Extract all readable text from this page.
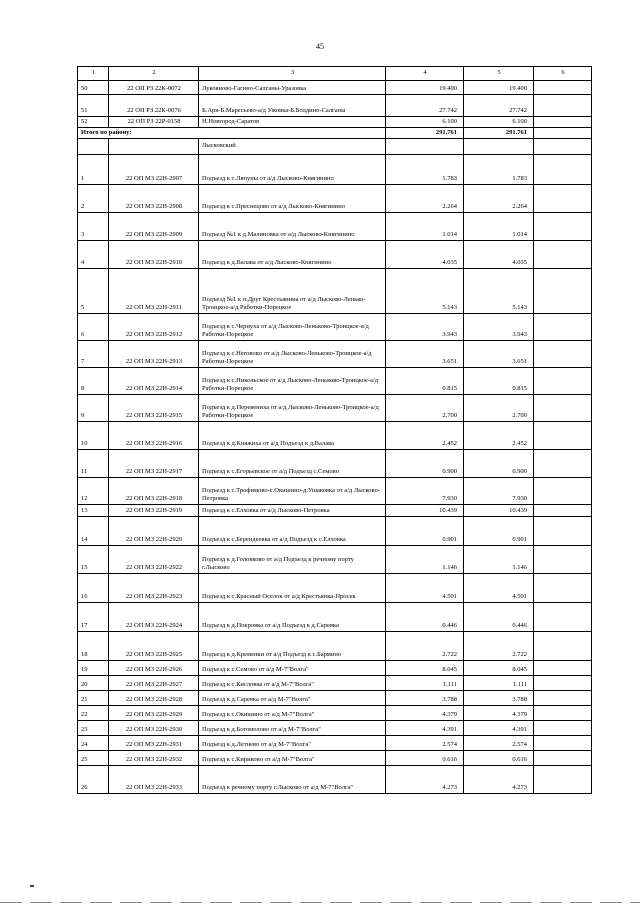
45
1	2	3	4	5	6
50	22 ОП РЗ 22К-0072	Лукояново-Гагино-Салганы-Уразовка	19.400	19.400	
51	22 ОП РЗ 22К-0076	Б.Аря-Б.Маресьево-а/д Ужовка-Б.Болдино-Салганы	27.742	27.742	
52	22 ОП РЗ 22Р-0158	Н.Новгород-Саратов	6.100	6.100	
Итого по району:			291.761	291.761	
		Лысковский			
1	22 ОП МЗ 22Н-2907	Подъезд к с.Ляпуны от а/д Лысково-Княгинино	1.783	1.783	
2	22 ОП МЗ 22Н-2908	Подъезд к с.Преснецово от а/д Лысково-Княгинино	2.264	2.264	
3	22 ОП МЗ 22Н-2909	Подъезд №1 к д.Малиновка от а/д Лысково-Княгинино	1.014	1.014	
4	22 ОП МЗ 22Н-2910	Подъезд к д.Валава от а/д Лысково-Княгинино	4.035	4.035	
5	22 ОП МЗ 22Н-2911	Подъезд №1 к п.Друг Крестьянина от а/д Лысково-Ленько-Троицкое-а/д Работки-Порецкое	5.143	5.143	
6	22 ОП МЗ 22Н-2912	Подъезд к с.Чернуха от а/д Лысково-Леньково-Троицкое-а/д Работки-Порецкое	3.943	3.943	
7	22 ОП МЗ 22Н-2913	Подъезд к с.Неговово от а/д Лысково-Леньково-Троицкое-а/д Работки-Порецкое	3.651	3.651	
8	22 ОП МЗ 22Н-2914	Подъезд к с.Никольское от а/д Лысково-Леньково-Троицкое-а/д Работки-Порецкое	0.815	0.815	
9	22 ОП МЗ 22Н-2915	Подъезд к д.Перевениха от а/д Лысково-Леньково-Троицкое-а/д Работки-Порецкое	2.700	2.700	
10	22 ОП МЗ 22Н-2916	Подъезд к д.Княжиха от а/д Подъезд к д.Валава	2.452	2.452	
11	22 ОП МЗ 22Н-2917	Подъезд к с.Егорьевское от а/д Подъезд с.Семово	0.900	0.900	
12	22 ОП МЗ 22Н-2918	Подъезд к с.Трофимово-с.Окишино-д.Ушаковка от а/д Лысково-Петровка	7.930	7.930	
13	22 ОП МЗ 22Н-2919	Подъезд к с.Елховка от а/д Лысково-Петровка	10.439	10.439	
14	22 ОП МЗ 22Н-2920	Подъезд к с.Берендеевка от а/д Подъезд к с.Елховка	0.901	0.901	
15	22 ОП МЗ 22Н-2922	Подъезд к д.Головково от а/д Подъезд к речному порту г.Лысково	1.146	1.146	
16	22 ОП МЗ 22Н-2923	Подъезд к с.Красный Оселок от а/д Крестьянка-Просек	4.501	4.501	
17	22 ОП МЗ 22Н-2924	Подъезд к д.Покровка от а/д Подъезд к д.Саревка	0.446	0.446	
18	22 ОП МЗ 22Н-2925	Подъезд к д.Кременки от а/д Подъезд к с.Бармино	2.722	2.722	
19	22 ОП МЗ 22Н-2926	Подъезд к с.Семово от а/д М-7"Волга"	8.045	8.045	
20	22 ОП МЗ 22Н-2927	Подъезд к с.Кисловка от а/д М-7"Волга"	1.111	1.111	
21	22 ОП МЗ 22Н-2928	Подъезд к д.Саревка от а/д М-7"Волга"	3.788	3.788	
22	22 ОП МЗ 22Н-2929	Подъезд к с.Окишино от а/д М-7"Волга"	4.379	4.379	
23	22 ОП МЗ 22Н-2930	Подъезд к д.Богомолово от а/д М-7"Волга"	4.391	4.391	
24	22 ОП МЗ 22Н-2931	Подъезд к д.Летнево от а/д М-7"Волга"	2.574	2.574	
25	22 ОП МЗ 22Н-2932	Подъезд к с.Кириково от а/д М-7"Волга"	0.616	0.616	
26	22 ОП МЗ 22Н-2933	Подъезд к речному порту г.Лысково от а/д М-7"Волга"	4.273	4.273	
